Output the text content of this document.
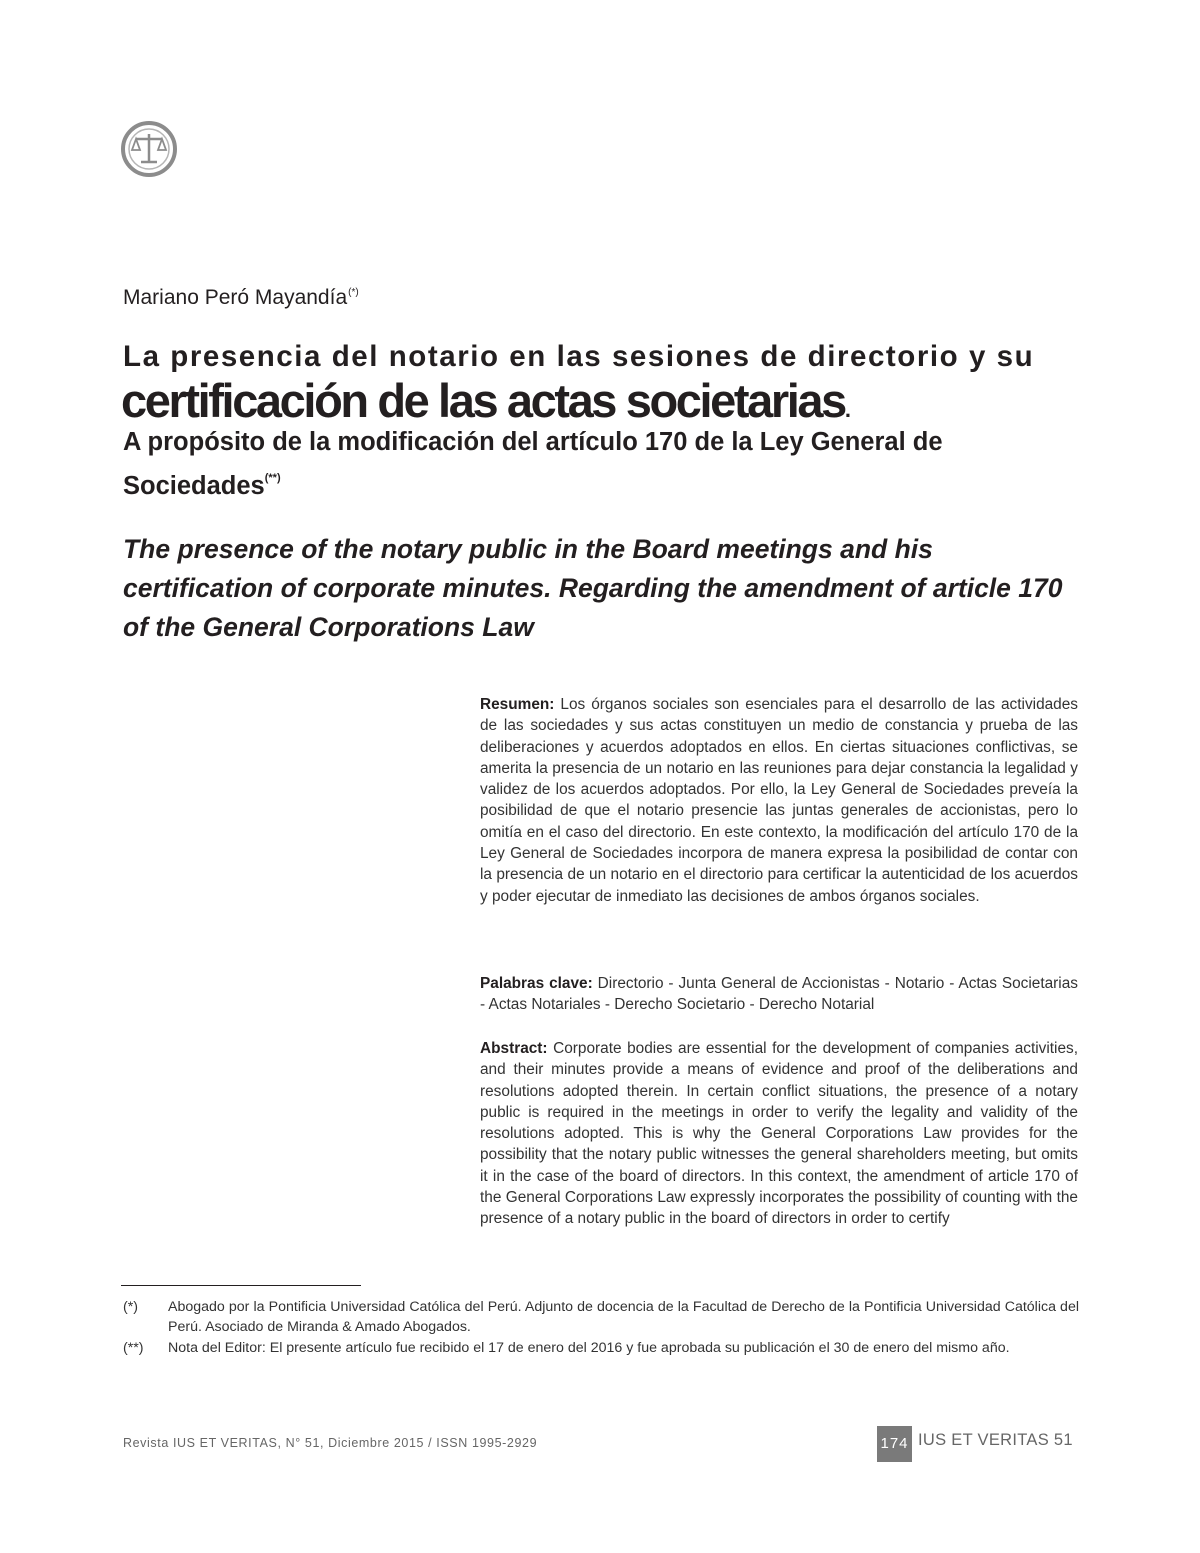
Mariano Peró Mayandía(*)
La presencia del notario en las sesiones de directorio y su
certificación de las actas societarias.
A propósito de la modificación del artículo 170 de la Ley General de Sociedades(**)
The presence of the notary public in the Board meetings and his certification of corporate minutes. Regarding the amendment of article 170 of the General Corporations Law
Resumen: Los órganos sociales son esenciales para el desarrollo de las actividades de las sociedades y sus actas constituyen un medio de constancia y prueba de las deliberaciones y acuerdos adoptados en ellos. En ciertas situaciones conflictivas, se amerita la presencia de un notario en las reuniones para dejar constancia la legalidad y validez de los acuerdos adoptados. Por ello, la Ley General de Sociedades preveía la posibilidad de que el notario presencie las juntas generales de accionistas, pero lo omitía en el caso del directorio. En este contexto, la modificación del artículo 170 de la Ley General de Sociedades incorpora de manera expresa la posibilidad de contar con la presencia de un notario en el directorio para certificar la autenticidad de los acuerdos y poder ejecutar de inmediato las decisiones de ambos órganos sociales.
Palabras clave: Directorio - Junta General de Accionistas - Notario - Actas Societarias - Actas Notariales - Derecho Societario - Derecho Notarial
Abstract: Corporate bodies are essential for the development of companies activities, and their minutes provide a means of evidence and proof of the deliberations and resolutions adopted therein. In certain conflict situations, the presence of a notary public is required in the meetings in order to verify the legality and validity of the resolutions adopted. This is why the General Corporations Law provides for the possibility that the notary public witnesses the general shareholders meeting, but omits it in the case of the board of directors. In this context, the amendment of article 170 of the General Corporations Law expressly incorporates the possibility of counting with the presence of a notary public in the board of directors in order to certify
(*) Abogado por la Pontificia Universidad Católica del Perú. Adjunto de docencia de la Facultad de Derecho de la Pontificia Universidad Católica del Perú. Asociado de Miranda & Amado Abogados.
(**) Nota del Editor: El presente artículo fue recibido el 17 de enero del 2016 y fue aprobada su publicación el 30 de enero del mismo año.
Revista IUS ET VERITAS, N° 51, Diciembre 2015 / ISSN 1995-2929	174 IUS ET VERITAS 51
